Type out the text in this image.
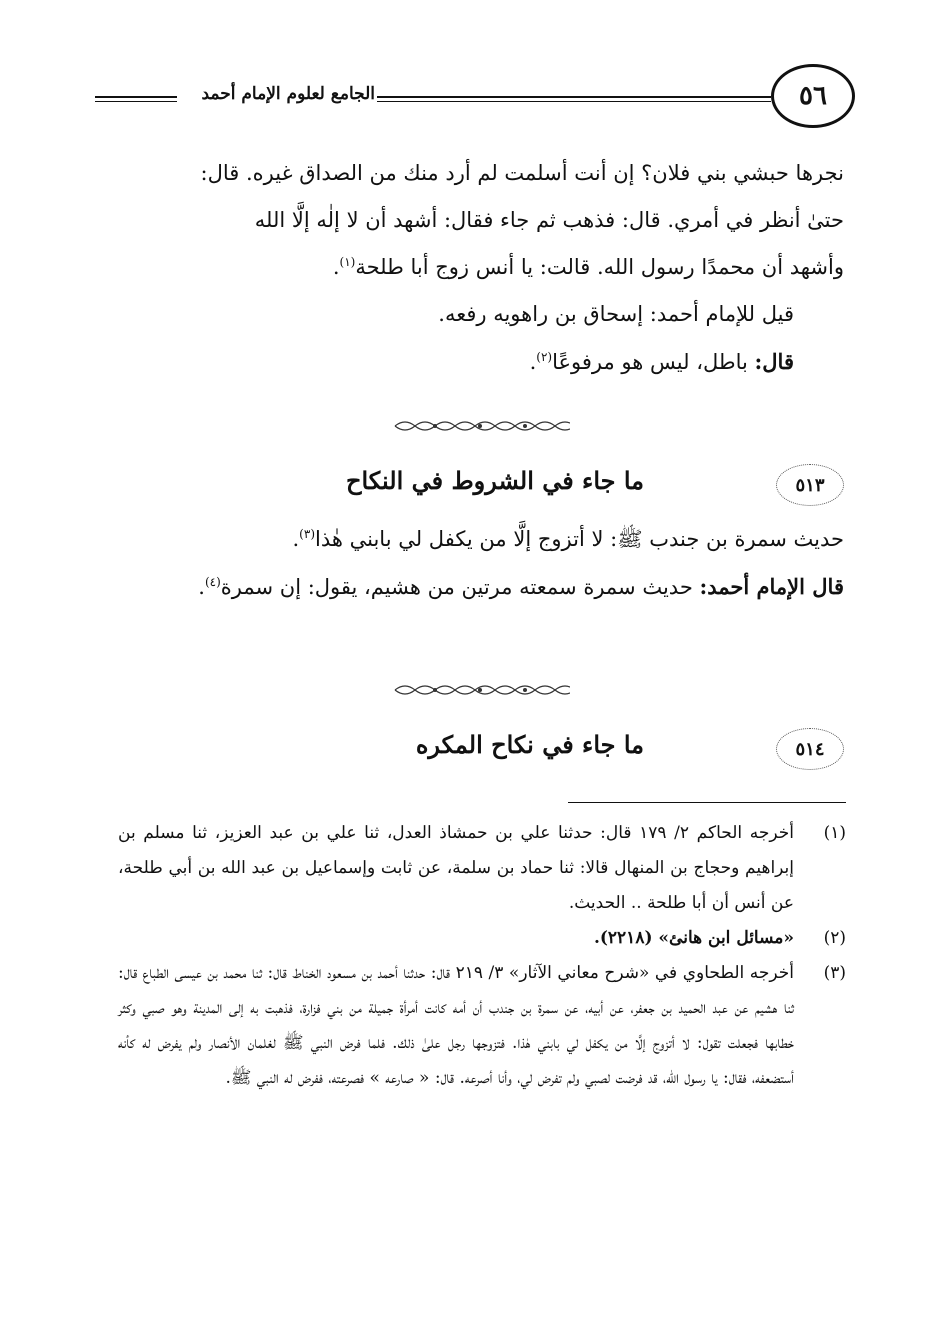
الجامع لعلوم الإمام أحمد	٥٦

نجرها حبشي بني فلان؟ إن أنت أسلمت لم أرد منك من الصداق غيره. قال:

حتىٰ أنظر في أمري. قال: فذهب ثم جاء فقال: أشهد أن لا إلٰه إلَّا الله

وأشهد أن محمدًا رسول الله. قالت: يا أنس زوج أبا طلحة$^{(١)}$.

قيل للإمام أحمد: إسحاق بن راهويه رفعه.

قال: باطل، ليس هو مرفوعًا$^{(٢)}$.

٥١٣
ما جاء في الشروط في النكاح

حديث سمرة بن جندب ﷺ: لا أتزوج إلَّا من يكفل لي بابني هٰذا$^{(٣)}$.

قال الإمام أحمد: حديث سمرة سمعته مرتين من هشيم، يقول: إن سمرة$^{(٤)}$.

٥١٤
ما جاء في نكاح المكره
(١)
أخرجه الحاكم ٢/ ١٧٩ قال: حدثنا علي بن حمشاذ العدل، ثنا علي بن عبد العزيز، ثنا مسلم بن إبراهيم وحجاج بن المنهال قالا: ثنا حماد بن سلمة، عن ثابت وإسماعيل بن عبد الله بن أبي طلحة، عن أنس أن أبا طلحة .. الحديث.
(٢)
«مسائل ابن هانئ» (٢٢١٨).
(٣)
أخرجه الطحاوي في «شرح معاني الآثار» ٣/ ٢١٩ قال: حدثنا أحمد بن مسعود الخناط قال: ثنا محمد بن عيسى الطباع قال: ثنا هشيم عن عبد الحميد بن جعفر، عن أبيه، عن سمرة بن جندب أن أمه كانت أمرأة جميلة من بني فزارة، فذهبت به إلى المدينة وهو صبي وكثر خطابها فجعلت تقول: لا أتزوج إلَّا من يكفل لي بابني هٰذا. فتزوجها رجل علىٰ ذلك. فلما فرض النبي ﷺ لغلمان الأنصار ولم يفرض له كأنه أستضعفه، فقال: يا رسول الله، قد فرضت لصبي ولم تفرض لي، وأنا أصرعه. قال: « صارعه » فصرعته، ففرض له النبي ﷺ.
